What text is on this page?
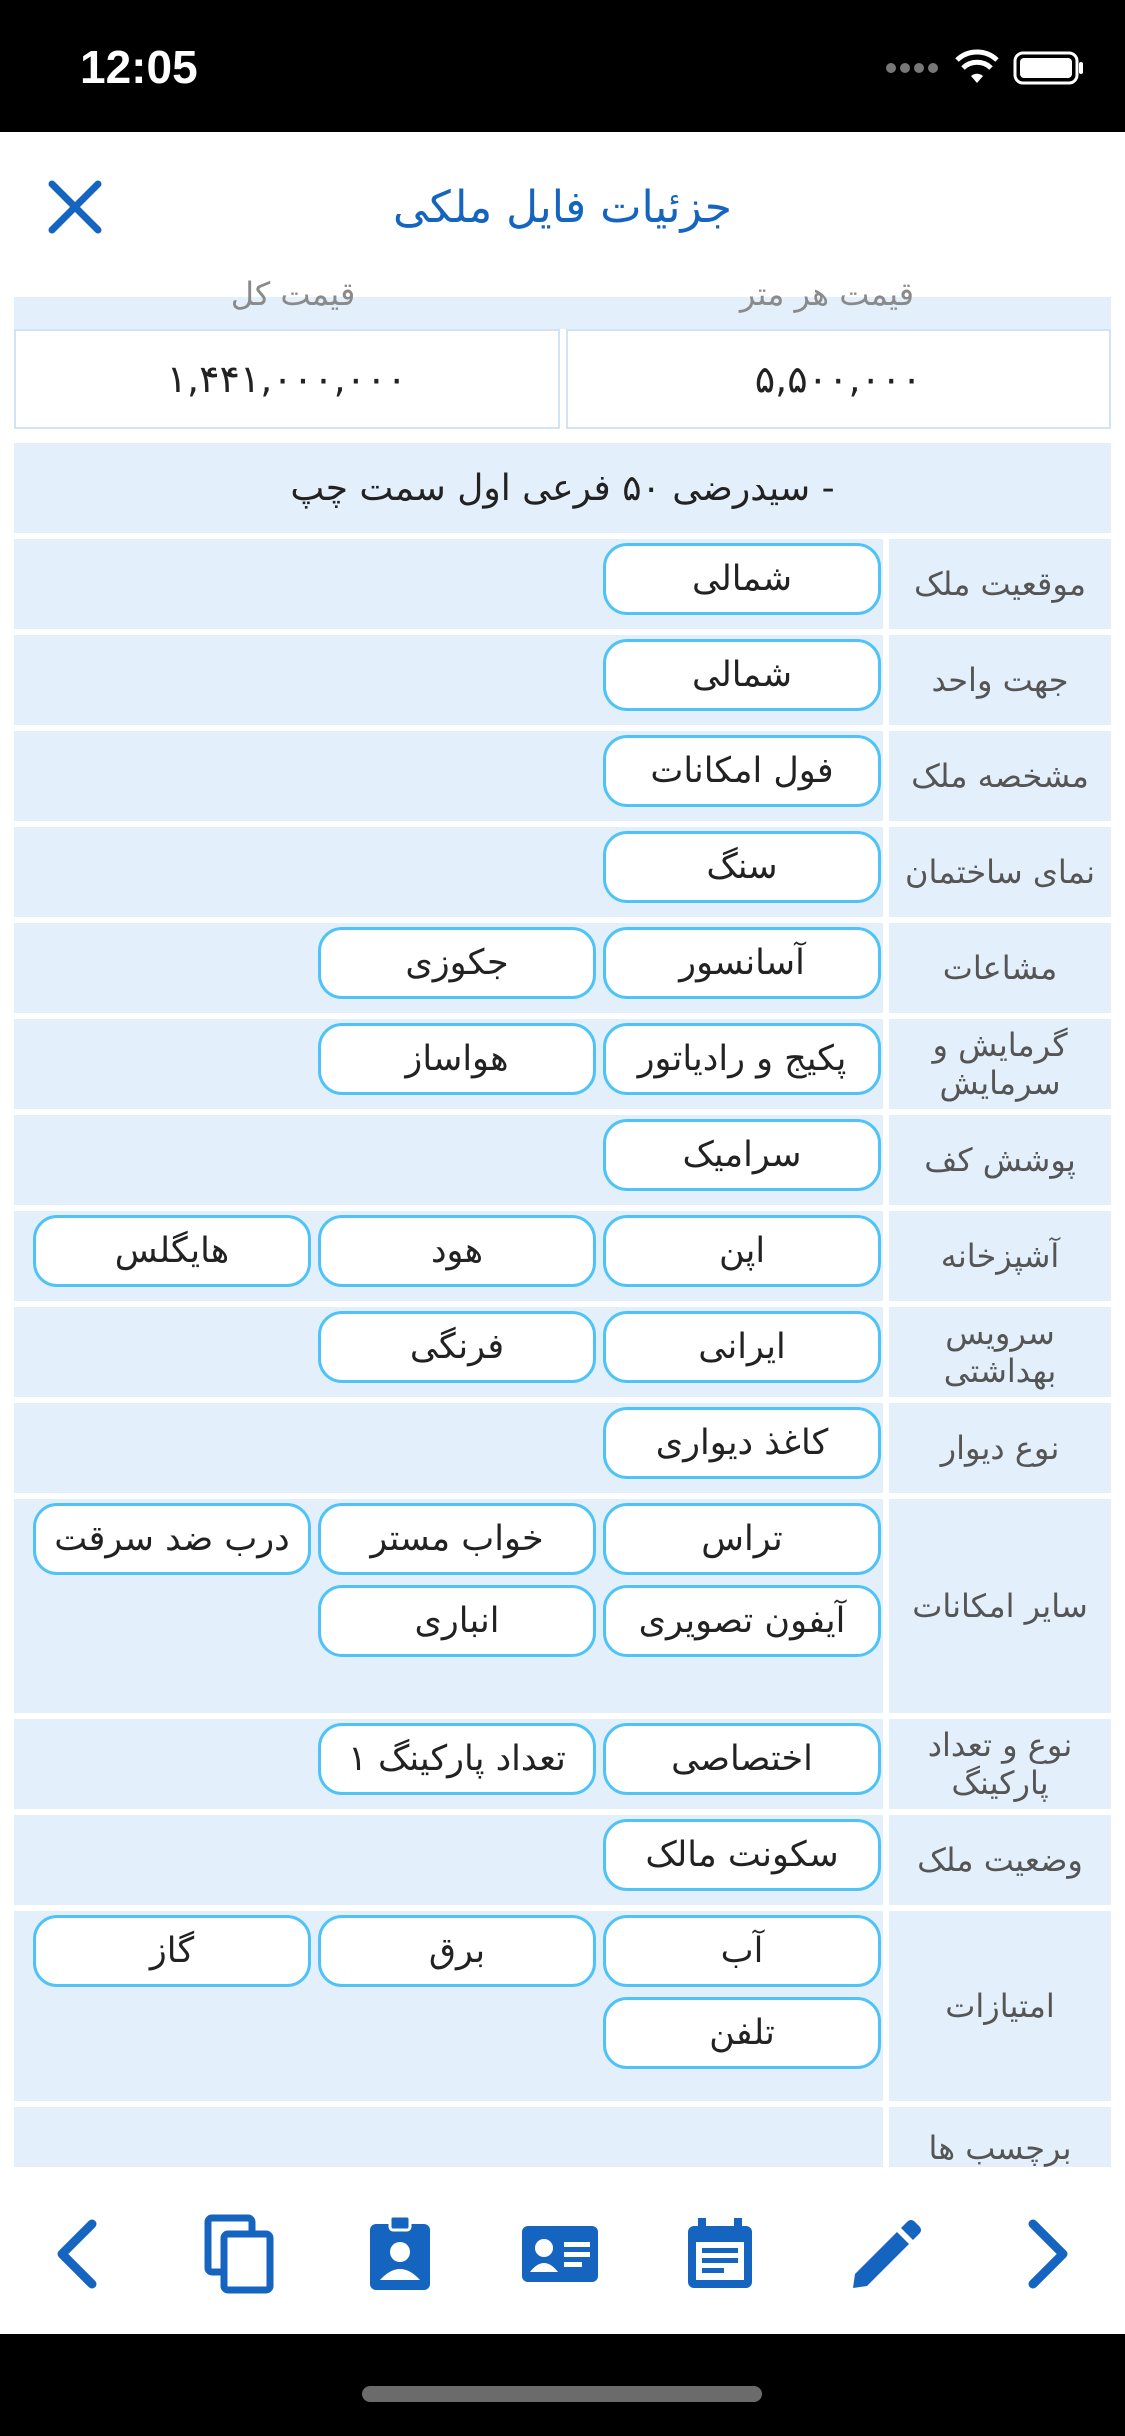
12:05
جزئیات فایل ملکی
قیمت هر متر
قیمت کل
۱,۴۴۱,۰۰۰,۰۰۰	۵,۵۰۰,۰۰۰
- سیدرضی ۵۰ فرعی اول سمت چپ
موقعیت ملک
شمالی
جهت واحد
شمالی
مشخصه ملک
فول امکانات
نمای ساختمان
سنگ
مشاعات
آسانسور
جکوزی
گرمایش و سرمایش
پکیج و رادیاتور
هواساز
پوشش کف
سرامیک
آشپزخانه
اپن
هود
هایگلس
سرویس بهداشتی
ایرانی
فرنگی
نوع دیوار
کاغذ دیواری
سایر امکانات
تراس
خواب مستر
درب ضد سرقت
آیفون تصویری
انباری
نوع و تعداد پارکینگ
اختصاصی
تعداد پارکینگ ۱
وضعیت ملک
سکونت مالک
امتیازات
آب
برق
گاز
تلفن
برچسب ها
